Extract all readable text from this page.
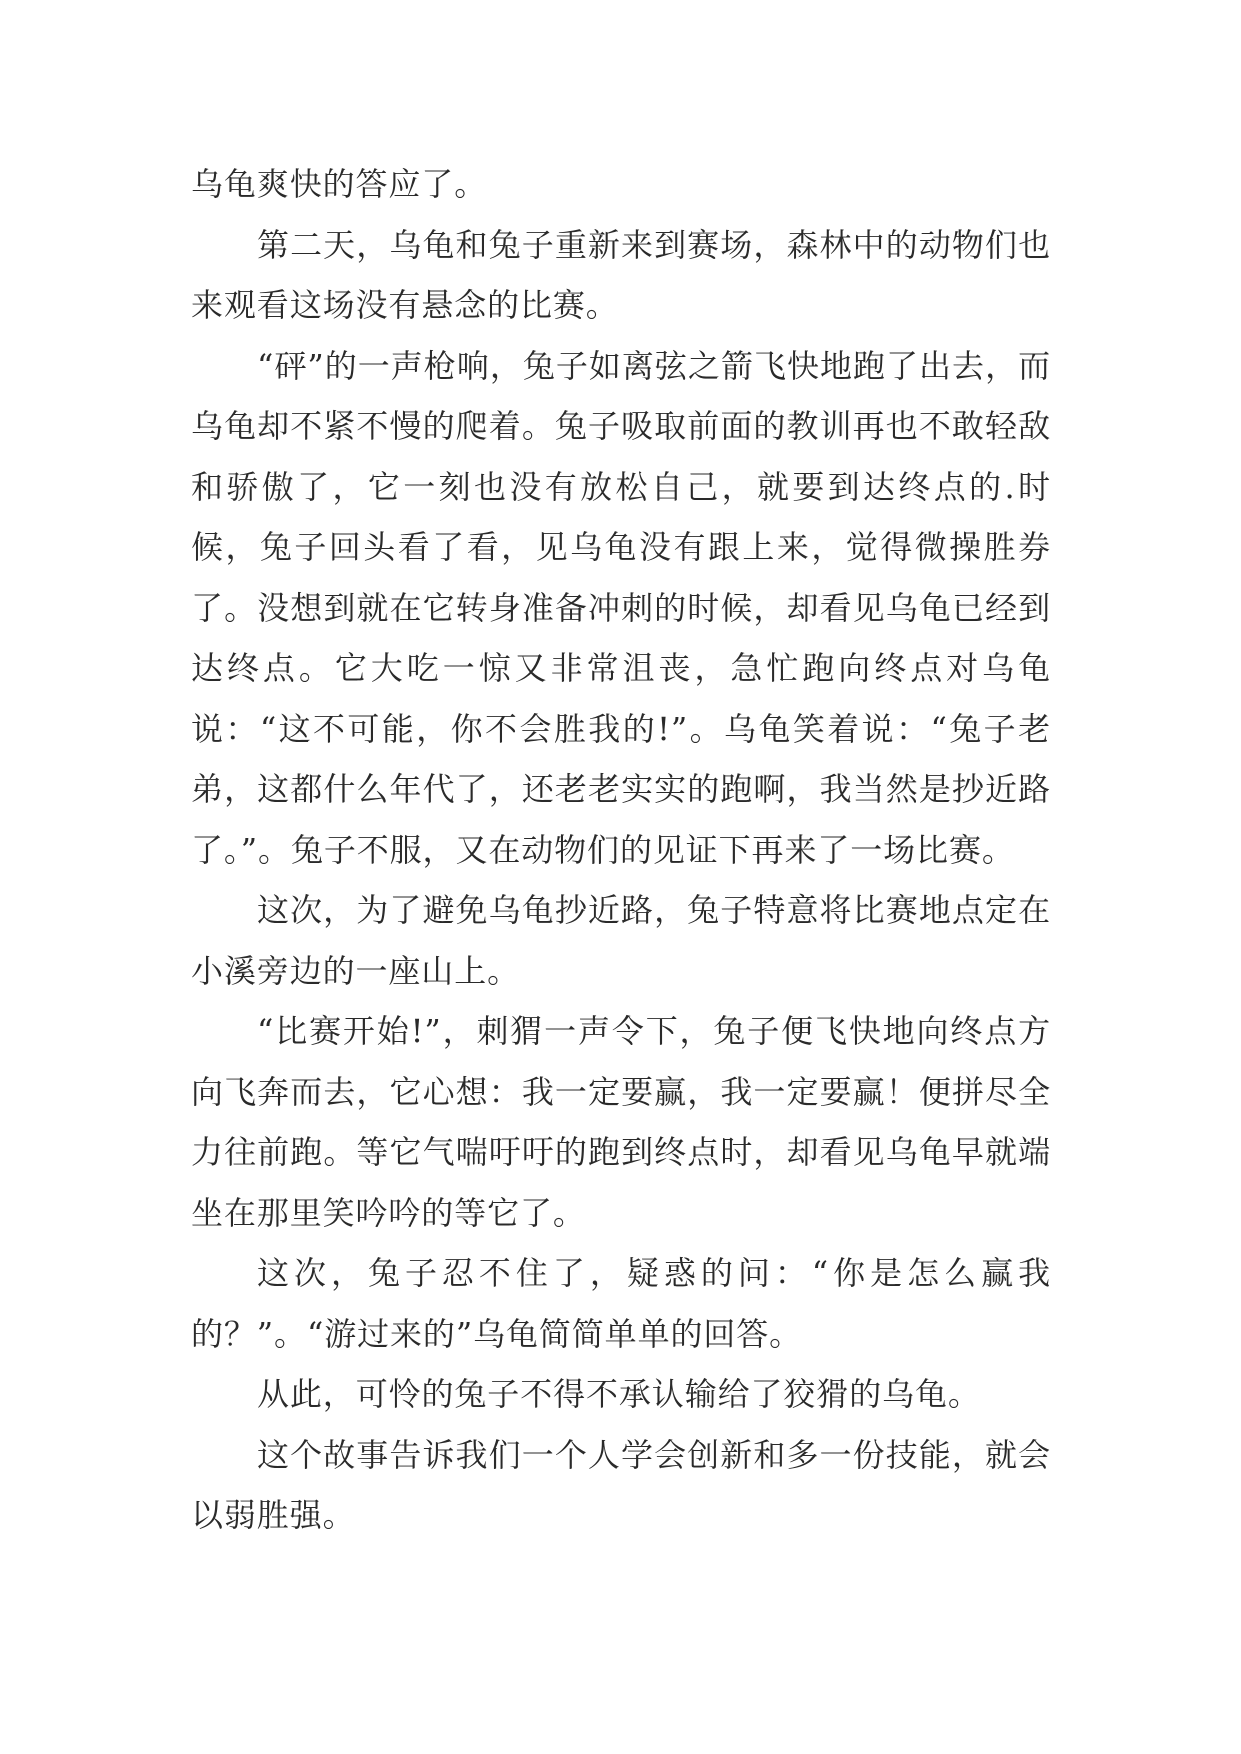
乌龟爽快的答应了。

第二天，乌龟和兔子重新来到赛场，森林中的动物们也来观看这场没有悬念的比赛。

“砰”的一声枪响，兔子如离弦之箭飞快地跑了出去，而乌龟却不紧不慢的爬着。兔子吸取前面的教训再也不敢轻敌和骄傲了，它一刻也没有放松自己，就要到达终点的.时候，兔子回头看了看，见乌龟没有跟上来，觉得微操胜券了。没想到就在它转身准备冲刺的时候，却看见乌龟已经到达终点。它大吃一惊又非常沮丧，急忙跑向终点对乌龟说：“这不可能，你不会胜我的!”。乌龟笑着说：“兔子老弟，这都什么年代了，还老老实实的跑啊，我当然是抄近路了。”。兔子不服，又在动物们的见证下再来了一场比赛。

这次，为了避免乌龟抄近路，兔子特意将比赛地点定在小溪旁边的一座山上。

“比赛开始!”，刺猬一声令下，兔子便飞快地向终点方向飞奔而去，它心想：我一定要赢，我一定要赢！便拼尽全力往前跑。等它气喘吁吁的跑到终点时，却看见乌龟早就端坐在那里笑吟吟的等它了。

这次，兔子忍不住了，疑惑的问：“你是怎么赢我的？”。“游过来的”乌龟简简单单的回答。

从此，可怜的兔子不得不承认输给了狡猾的乌龟。

这个故事告诉我们一个人学会创新和多一份技能，就会以弱胜强。
